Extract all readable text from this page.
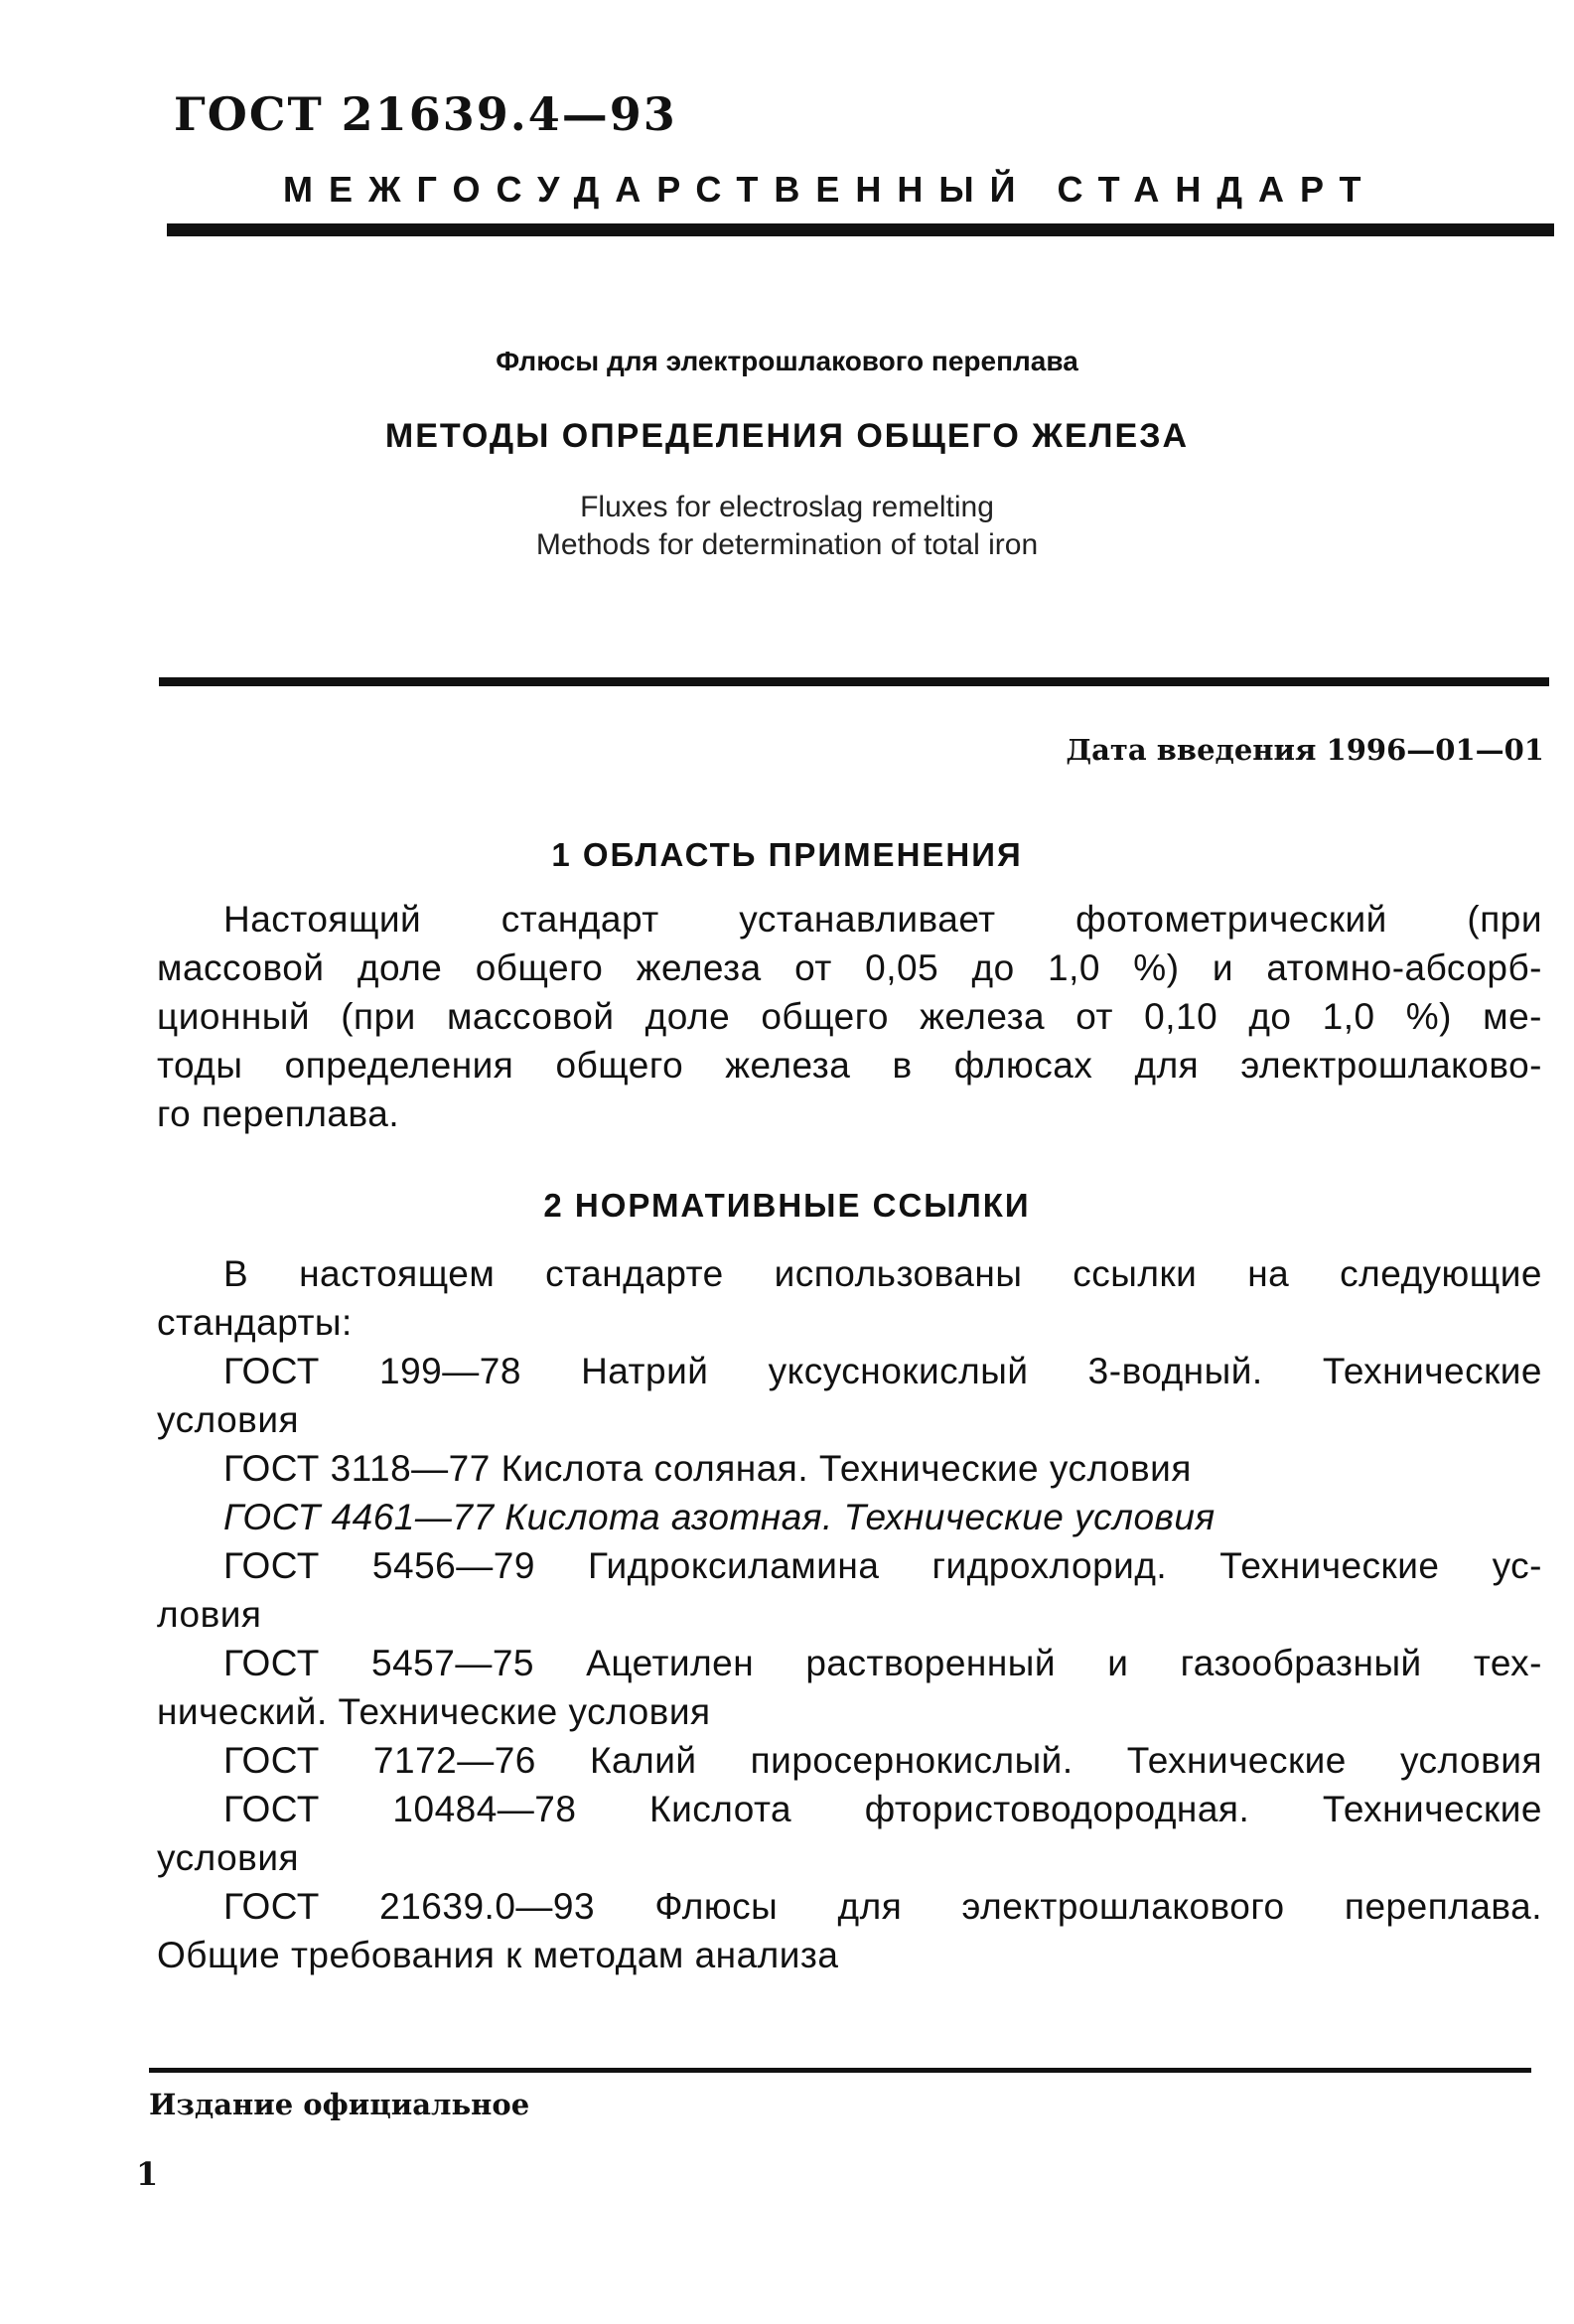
ГОСТ 21639.4—93
МЕЖГОСУДАРСТВЕННЫЙ СТАНДАРТ
Флюсы для электрошлакового переплава
МЕТОДЫ ОПРЕДЕЛЕНИЯ ОБЩЕГО ЖЕЛЕЗА
Fluxes for electroslag remelting
Methods for determination of total iron
Дата введения 1996—01—01
1 ОБЛАСТЬ ПРИМЕНЕНИЯ
Настоящий стандарт устанавливает фотометрический (при
массовой доле общего железа от 0,05 до 1,0 %) и атомно-абсорб-
ционный (при массовой доле общего железа от 0,10 до 1,0 %) ме-
тоды определения общего железа в флюсах для электрошлаково-
го переплава.
2 НОРМАТИВНЫЕ ССЫЛКИ
В настоящем стандарте использованы ссылки на следующие
стандарты:
ГОСТ 199—78 Натрий уксуснокислый 3-водный. Технические
условия
ГОСТ 3118—77 Кислота соляная. Технические условия
ГОСТ 4461—77 Кислота азотная. Технические условия
ГОСТ 5456—79 Гидроксиламина гидрохлорид. Технические ус-
ловия
ГОСТ 5457—75 Ацетилен растворенный и газообразный тех-
нический. Технические условия
ГОСТ 7172—76 Калий пиросернокислый. Технические условия
ГОСТ 10484—78 Кислота фтористоводородная. Технические
условия
ГОСТ 21639.0—93 Флюсы для электрошлакового переплава.
Общие требования к методам анализа
Издание официальное
1
